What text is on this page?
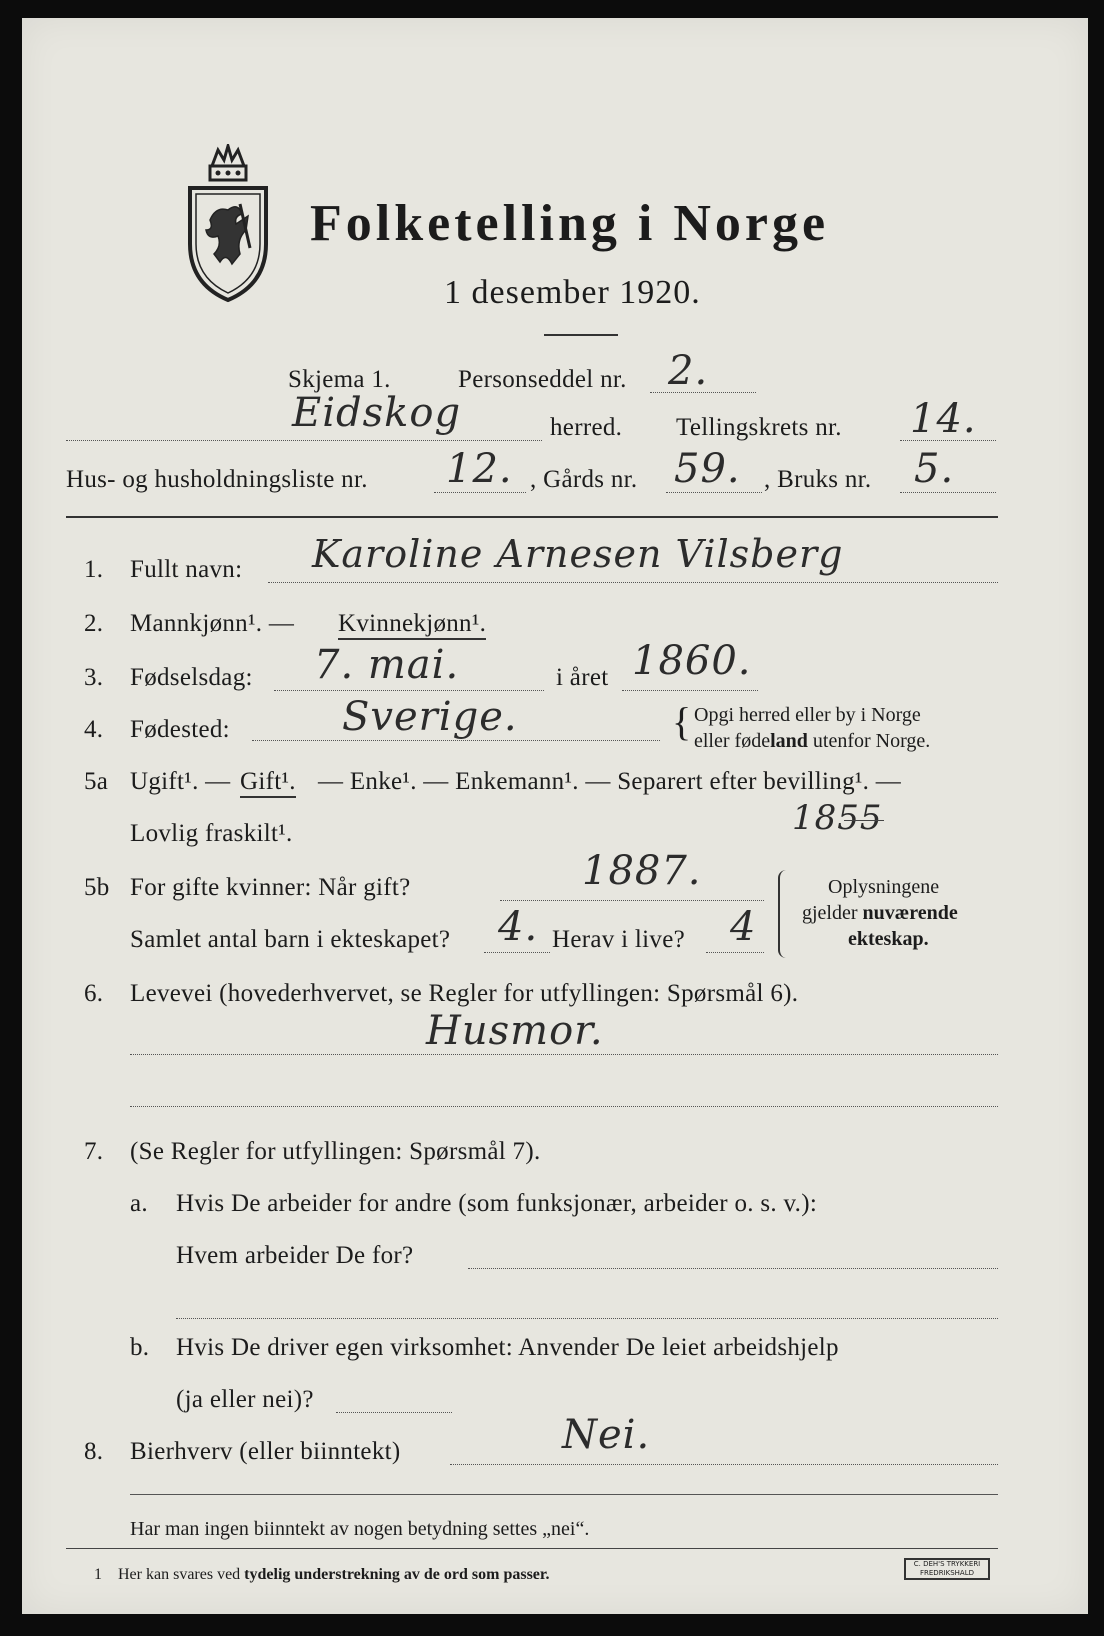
Folketelling i Norge
1 desember 1920.
Skjema 1.	Personseddel nr. 2.
Eidskog	herred. Tellingskrets nr. 14.
Hus- og husholdningsliste nr. 12. , Gårds nr. 59. , Bruks nr. 5.
1. Fullt navn: Karoline Arnesen Vilsberg
2. Mannkjønn¹. — Kvinnekjønn¹.
3. Fødselsdag: 7. mai.	i året 1860.
4. Fødested:	Sverige.	{ Opgi herred eller by i Norge
eller fødeland utenfor Norge.
5a Ugift¹. — Gift¹. — Enke¹. — Enkemann¹. — Separert efter bevilling¹. —
Lovlig fraskilt¹.	1855
5b For gifte kvinner: Når gift?	1887.
Samlet antal barn i ekteskapet? 4. Herav i live? 4
Oplysningene
gjelder nuværende
ekteskap.
6. Levevei (hovederhvervet, se Regler for utfyllingen: Spørsmål 6).
Husmor.
7. (Se Regler for utfyllingen: Spørsmål 7).
a. Hvis De arbeider for andre (som funksjonær, arbeider o. s. v.):
Hvem arbeider De for?
b. Hvis De driver egen virksomhet: Anvender De leiet arbeidshjelp
(ja eller nei)?
8. Bierhverv (eller biinntekt)	Nei.
Har man ingen biinntekt av nogen betydning settes „nei“.
1 Her kan svares ved tydelig understrekning av de ord som passer.
C. DEH'S TRYKKERI
FREDRIKSHALD
